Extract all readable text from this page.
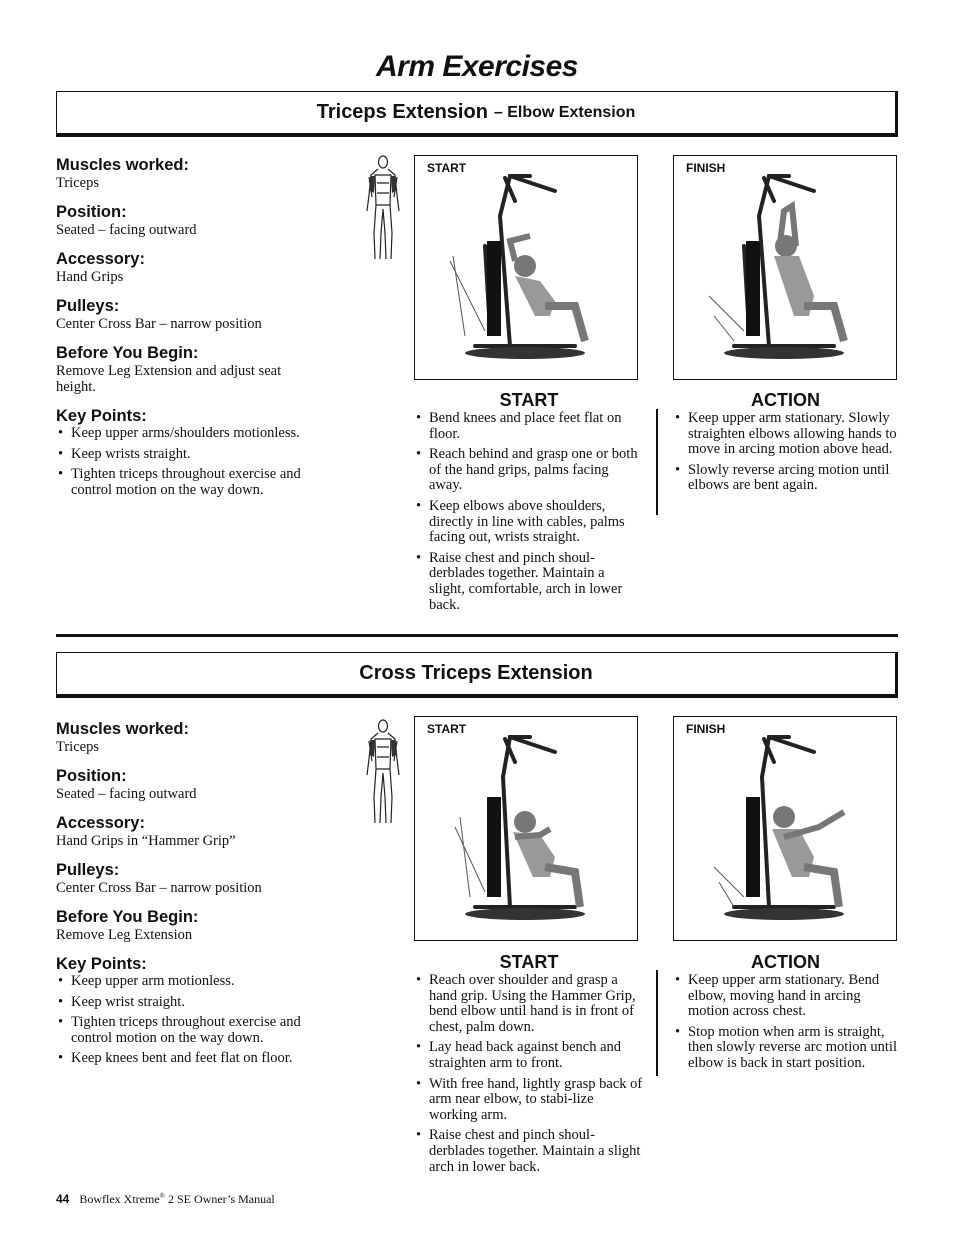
Arm Exercises
Triceps Extension – Elbow Extension
Muscles worked:
Triceps
Position:
Seated – facing outward
Accessory:
Hand Grips
Pulleys:
Center Cross Bar – narrow position
Before You Begin:
Remove Leg Extension and adjust seat height.
Key Points:
• Keep upper arms/shoulders motionless.
• Keep wrists straight.
• Tighten triceps throughout exercise and control motion on the way down.
START	FINISH
START
• Bend knees and place feet flat on floor.
• Reach behind and grasp one or both of the hand grips, palms facing away.
• Keep elbows above shoulders, directly in line with cables, palms facing out, wrists straight.
• Raise chest and pinch shoul-derblades together. Maintain a slight, comfortable, arch in lower back.
ACTION
• Keep upper arm stationary. Slowly straighten elbows allowing hands to move in arcing motion above head.
• Slowly reverse arcing motion until elbows are bent again.
Cross Triceps Extension
Muscles worked:
Triceps
Position:
Seated – facing outward
Accessory:
Hand Grips in “Hammer Grip”
Pulleys:
Center Cross Bar – narrow position
Before You Begin:
Remove Leg Extension
Key Points:
• Keep upper arm motionless.
• Keep wrist straight.
• Tighten triceps throughout exercise and control motion on the way down.
• Keep knees bent and feet flat on floor.
START	FINISH
START
• Reach over shoulder and grasp a hand grip. Using the Hammer Grip, bend elbow until hand is in front of chest, palm down.
• Lay head back against bench and straighten arm to front.
• With free hand, lightly grasp back of arm near elbow, to stabi-lize working arm.
• Raise chest and pinch shoul-derblades together. Maintain a slight arch in lower back.
ACTION
• Keep upper arm stationary. Bend elbow, moving hand in arcing motion across chest.
• Stop motion when arm is straight, then slowly reverse arc motion until elbow is back in start position.
44 Bowflex Xtreme® 2 SE Owner’s Manual
